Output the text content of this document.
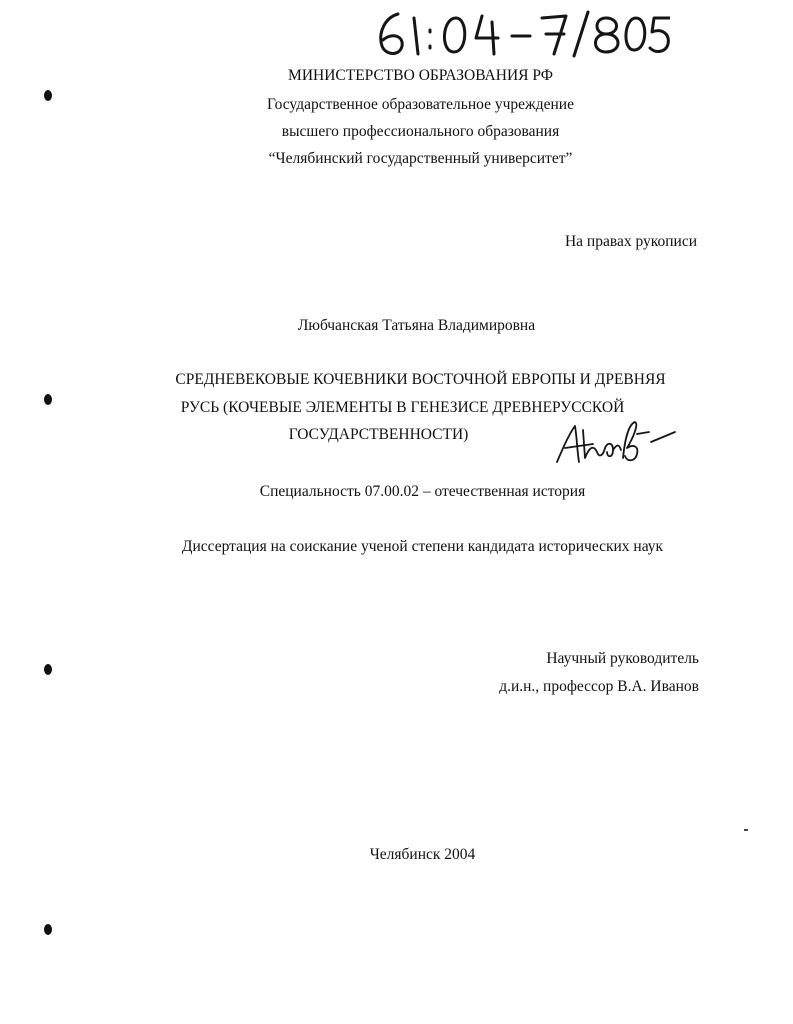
МИНИСТЕРСТВО ОБРАЗОВАНИЯ РФ
Государственное образовательное учреждение
высшего профессионального образования
“Челябинский государственный университет”
На правах рукописи
Любчанская Татьяна Владимировна
СРЕДНЕВЕКОВЫЕ КОЧЕВНИКИ ВОСТОЧНОЙ ЕВРОПЫ И ДРЕВНЯЯ
РУСЬ (КОЧЕВЫЕ ЭЛЕМЕНТЫ В ГЕНЕЗИСЕ ДРЕВНЕРУССКОЙ
ГОСУДАРСТВЕННОСТИ)
Специальность 07.00.02 – отечественная история
Диссертация на соискание ученой степени кандидата исторических наук
Научный руководитель
д.и.н., профессор В.А. Иванов
Челябинск 2004
